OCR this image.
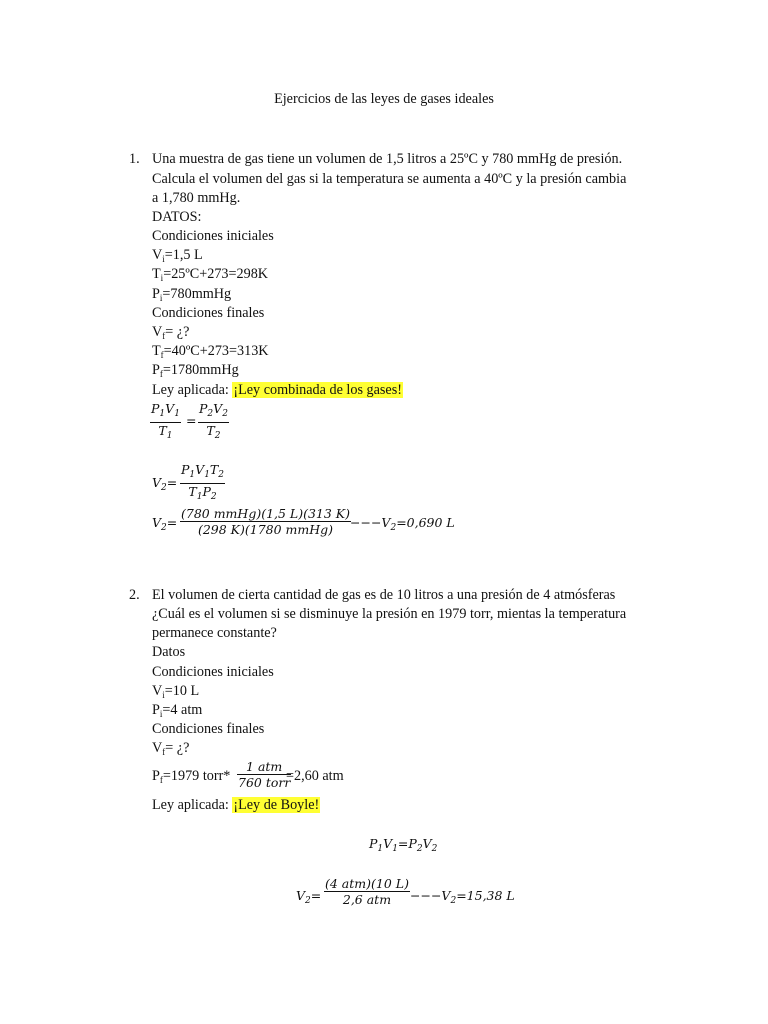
Ejercicios de las leyes de gases ideales
1. Una muestra de gas tiene un volumen de 1,5 litros a 25ºC y 780 mmHg de presión.
Calcula el volumen del gas si la temperatura se aumenta a 40ºC y la presión cambia
a 1,780 mmHg.
DATOS:
Condiciones iniciales
$V_i=1,5$ L
$T_i=25ºC+273=298K$
$P_i=780mmHg$
Condiciones finales
$V_f=$ ¿?
$T_f=40ºC+273=313K$
$P_f=1780mmHg$
Ley aplicada: ¡Ley combinada de los gases!
$P_1V_1$
$T_1$
=
$P_2V_2$
$T_2$
$V_2=$
$P_1V_1T_2$
$T_1P_2$
$V_2=$
(780 mmHg)(1,5 L)(313 K)
(298 K)(1780 mmHg) $---V_2=0,690$ L
2. El volumen de cierta cantidad de gas es de 10 litros a una presión de 4 atmósferas
¿Cuál es el volumen si se disminuye la presión en 1979 torr, mientas la temperatura
permanece constante?
Datos
Condiciones iniciales
$V_i=10$ L
$P_i=4$ atm
Condiciones finales
$V_f=$ ¿?
$P_f=1979$ torr*
1 atm
760 torr
=2,60 atm
Ley aplicada: ¡Ley de Boyle!
$P_1V_1=P_2V_2$
$V_2=$
(4 atm)(10 L)
2,6 atm $---V_2=15,38$ L
